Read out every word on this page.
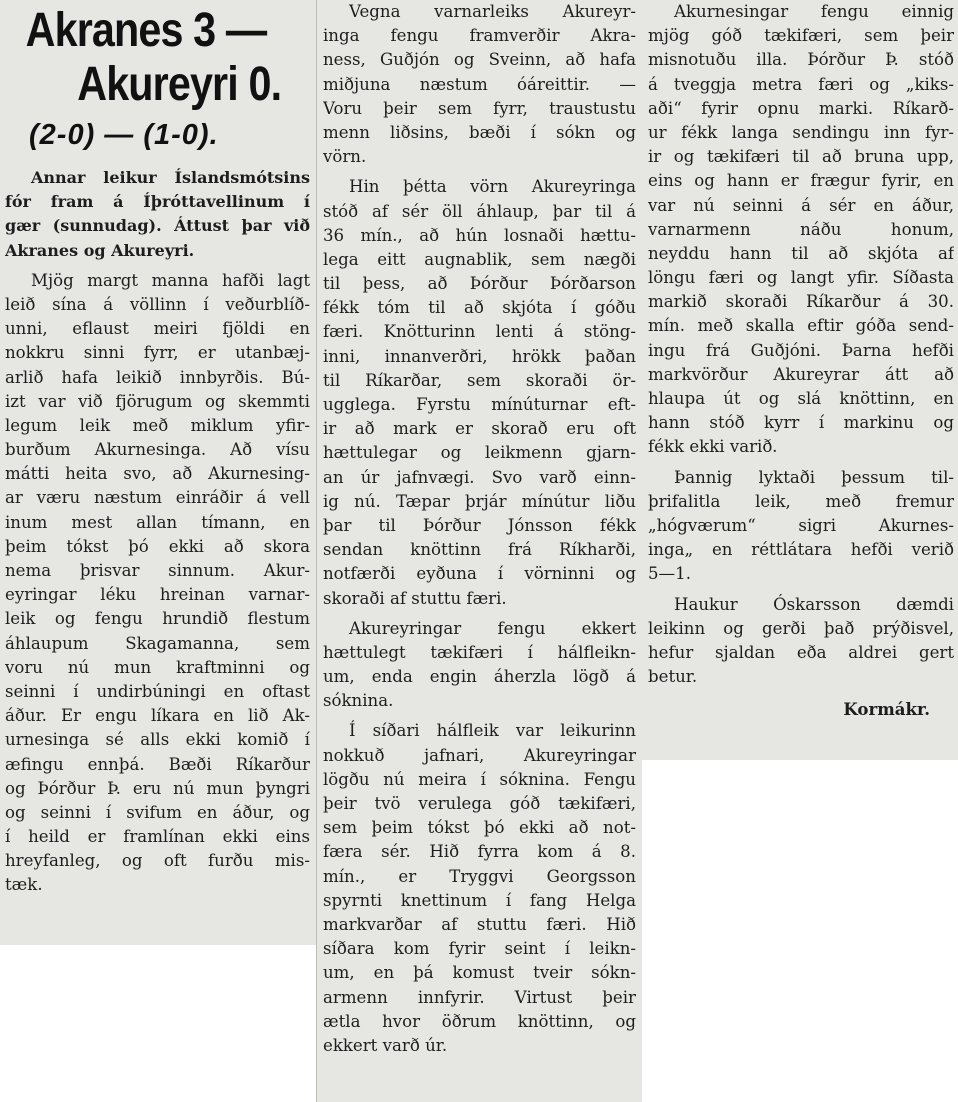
Akranes 3 —
Akureyri 0.
(2-0) — (1-0).
Annar leikur Íslandsmótsins
fór fram á Íþróttavellinum í
gær (sunnudag). Áttust þar við
Akranes og Akureyri.
Mjög margt manna hafði lagt
leið sína á völlinn í veðurblíð-
unni, eflaust meiri fjöldi en
nokkru sinni fyrr, er utanbæj-
arlið hafa leikið innbyrðis. Bú-
izt var við fjörugum og skemmti
legum leik með miklum yfir-
burðum Akurnesinga. Að vísu
mátti heita svo, að Akurnesing-
ar væru næstum einráðir á vell
inum mest allan tímann, en
þeim tókst þó ekki að skora
nema þrisvar sinnum. Akur-
eyringar léku hreinan varnar-
leik og fengu hrundið flestum
áhlaupum Skagamanna, sem
voru nú mun kraftminni og
seinni í undirbúningi en oftast
áður. Er engu líkara en lið Ak-
urnesinga sé alls ekki komið í
æfingu ennþá. Bæði Ríkarður
og Þórður Þ. eru nú mun þyngri
og seinni í svifum en áður, og
í heild er framlínan ekki eins
hreyfanleg, og oft furðu mis-
tæk.
Vegna varnarleiks Akureyr-
inga fengu framverðir Akra-
ness, Guðjón og Sveinn, að hafa
miðjuna næstum óáreittir. —
Voru þeir sem fyrr, traustustu
menn liðsins, bæði í sókn og
vörn.
Hin þétta vörn Akureyringa
stóð af sér öll áhlaup, þar til á
36 mín., að hún losnaði hættu-
lega eitt augnablik, sem nægði
til þess, að Þórður Þórðarson
fékk tóm til að skjóta í góðu
færi. Knötturinn lenti á stöng-
inni, innanverðri, hrökk þaðan
til Ríkarðar, sem skoraði ör-
ugglega. Fyrstu mínúturnar eft-
ir að mark er skorað eru oft
hættulegar og leikmenn gjarn-
an úr jafnvægi. Svo varð einn-
ig nú. Tæpar þrjár mínútur liðu
þar til Þórður Jónsson fékk
sendan knöttinn frá Ríkharði,
notfærði eyðuna í vörninni og
skoraði af stuttu færi.
Akureyringar fengu ekkert
hættulegt tækifæri í hálfleikn-
um, enda engin áherzla lögð á
sóknina.
Í síðari hálfleik var leikurinn
nokkuð jafnari, Akureyringar
lögðu nú meira í sóknina. Fengu
þeir tvö verulega góð tækifæri,
sem þeim tókst þó ekki að not-
færa sér. Hið fyrra kom á 8.
mín., er Tryggvi Georgsson
spyrnti knettinum í fang Helga
markvarðar af stuttu færi. Hið
síðara kom fyrir seint í leikn-
um, en þá komust tveir sókn-
armenn innfyrir. Virtust þeir
ætla hvor öðrum knöttinn, og
ekkert varð úr.
Akurnesingar fengu einnig
mjög góð tækifæri, sem þeir
misnotuðu illa. Þórður Þ. stóð
á tveggja metra færi og „kiks-
aði“ fyrir opnu marki. Ríkarð-
ur fékk langa sendingu inn fyr-
ir og tækifæri til að bruna upp,
eins og hann er frægur fyrir, en
var nú seinni á sér en áður,
varnarmenn náðu honum,
neyddu hann til að skjóta af
löngu færi og langt yfir. Síðasta
markið skoraði Ríkarður á 30.
mín. með skalla eftir góða send-
ingu frá Guðjóni. Þarna hefði
markvörður Akureyrar átt að
hlaupa út og slá knöttinn, en
hann stóð kyrr í markinu og
fékk ekki varið.
Þannig lyktaði þessum til-
þrifalitla leik, með fremur
„hógværum“ sigri Akurnes-
inga„ en réttlátara hefði verið
5—1.
Haukur Óskarsson dæmdi
leikinn og gerði það prýðisvel,
hefur sjaldan eða aldrei gert
betur.
Kormákr.
